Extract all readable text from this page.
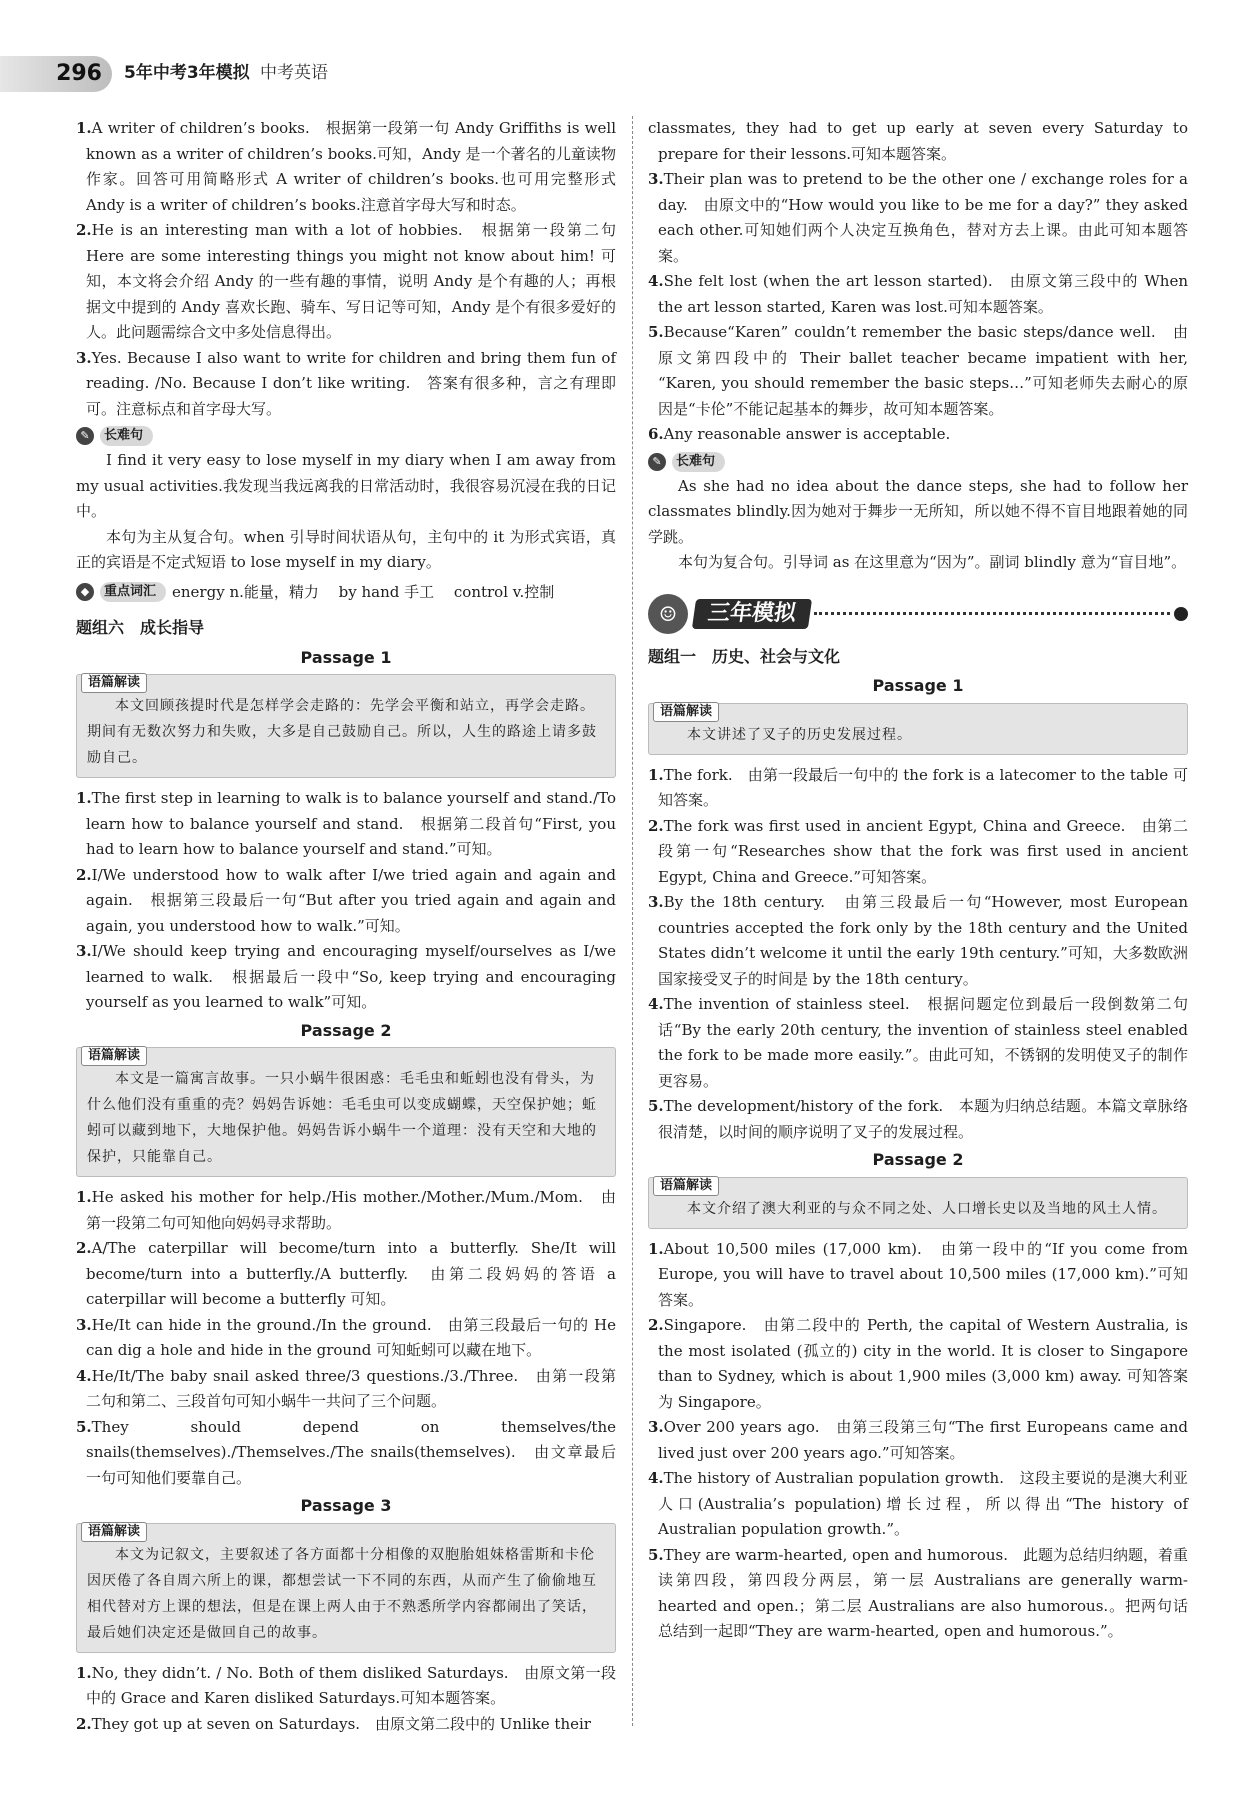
296	5年中考3年模拟 中考英语
1.A writer of children’s books.　根据第一段第一句 Andy Griffiths is well known as a writer of children’s books.可知，Andy 是一个著名的儿童读物作家。回答可用简略形式 A writer of children’s books.也可用完整形式 Andy is a writer of children’s books.注意首字母大写和时态。
2.He is an interesting man with a lot of hobbies.　根据第一段第二句 Here are some interesting things you might not know about him! 可知，本文将会介绍 Andy 的一些有趣的事情，说明 Andy 是个有趣的人；再根据文中提到的 Andy 喜欢长跑、骑车、写日记等可知，Andy 是个有很多爱好的人。此问题需综合文中多处信息得出。
3.Yes. Because I also want to write for children and bring them fun of reading. /No. Because I don’t like writing.　答案有很多种，言之有理即可。注意标点和首字母大写。
✎	长难句
I find it very easy to lose myself in my diary when I am away from my usual activities.我发现当我远离我的日常活动时，我很容易沉浸在我的日记中。
本句为主从复合句。when 引导时间状语从句，主句中的 it 为形式宾语，真正的宾语是不定式短语 to lose myself in my diary。
◆	重点词汇	energy n.能量，精力　 by hand 手工　 control v.控制
题组六　成长指导
Passage 1
语篇解读
本文回顾孩提时代是怎样学会走路的：先学会平衡和站立，再学会走路。期间有无数次努力和失败，大多是自己鼓励自己。所以，人生的路途上请多鼓励自己。
1.The first step in learning to walk is to balance yourself and stand./To learn how to balance yourself and stand.　根据第二段首句“First, you had to learn how to balance yourself and stand.”可知。
2.I/We understood how to walk after I/we tried again and again and again.　根据第三段最后一句“But after you tried again and again and again, you understood how to walk.”可知。
3.I/We should keep trying and encouraging myself/ourselves as I/we learned to walk.　根据最后一段中“So, keep trying and encouraging yourself as you learned to walk”可知。
Passage 2
语篇解读
本文是一篇寓言故事。一只小蜗牛很困惑：毛毛虫和蚯蚓也没有骨头，为什么他们没有重重的壳？妈妈告诉她：毛毛虫可以变成蝴蝶，天空保护她；蚯蚓可以藏到地下，大地保护他。妈妈告诉小蜗牛一个道理：没有天空和大地的保护，只能靠自己。
1.He asked his mother for help./His mother./Mother./Mum./Mom.　由第一段第二句可知他向妈妈寻求帮助。
2.A/The caterpillar will become/turn into a butterfly. She/It will become/turn into a butterfly./A butterfly.　由第二段妈妈的答语 a caterpillar will become a butterfly 可知。
3.He/It can hide in the ground./In the ground.　由第三段最后一句的 He can dig a hole and hide in the ground 可知蚯蚓可以藏在地下。
4.He/It/The baby snail asked three/3 questions./3./Three.　由第一段第二句和第二、三段首句可知小蜗牛一共问了三个问题。
5.They should depend on themselves/the snails(themselves)./Themselves./The snails(themselves).　由文章最后一句可知他们要靠自己。
Passage 3
语篇解读
本文为记叙文，主要叙述了各方面都十分相像的双胞胎姐妹格雷斯和卡伦因厌倦了各自周六所上的课，都想尝试一下不同的东西，从而产生了偷偷地互相代替对方上课的想法，但是在课上两人由于不熟悉所学内容都闹出了笑话，最后她们决定还是做回自己的故事。
1.No, they didn’t. / No. Both of them disliked Saturdays.　由原文第一段中的 Grace and Karen disliked Saturdays.可知本题答案。
2.They got up at seven on Saturdays.　由原文第二段中的 Unlike their
classmates, they had to get up early at seven every Saturday to prepare for their lessons.可知本题答案。
3.Their plan was to pretend to be the other one / exchange roles for a day.　由原文中的“How would you like to be me for a day?” they asked each other.可知她们两个人决定互换角色，替对方去上课。由此可知本题答案。
4.She felt lost (when the art lesson started).　由原文第三段中的 When the art lesson started, Karen was lost.可知本题答案。
5.Because“Karen” couldn’t remember the basic steps/dance well.　由原文第四段中的 Their ballet teacher became impatient with her, “Karen, you should remember the basic steps…”可知老师失去耐心的原因是“卡伦”不能记起基本的舞步，故可知本题答案。
6.Any reasonable answer is acceptable.
✎	长难句
As she had no idea about the dance steps, she had to follow her classmates blindly.因为她对于舞步一无所知，所以她不得不盲目地跟着她的同学跳。
本句为复合句。引导词 as 在这里意为“因为”。副词 blindly 意为“盲目地”。
☺	三年模拟
题组一　历史、社会与文化
Passage 1
语篇解读
本文讲述了叉子的历史发展过程。
1.The fork.　由第一段最后一句中的 the fork is a latecomer to the table 可知答案。
2.The fork was first used in ancient Egypt, China and Greece.　由第二段第一句“Researches show that the fork was first used in ancient Egypt, China and Greece.”可知答案。
3.By the 18th century.　由第三段最后一句“However, most European countries accepted the fork only by the 18th century and the United States didn’t welcome it until the early 19th century.”可知，大多数欧洲国家接受叉子的时间是 by the 18th century。
4.The invention of stainless steel.　根据问题定位到最后一段倒数第二句话“By the early 20th century, the invention of stainless steel enabled the fork to be made more easily.”。由此可知，不锈钢的发明使叉子的制作更容易。
5.The development/history of the fork.　本题为归纳总结题。本篇文章脉络很清楚，以时间的顺序说明了叉子的发展过程。
Passage 2
语篇解读
本文介绍了澳大利亚的与众不同之处、人口增长史以及当地的风土人情。
1.About 10,500 miles (17,000 km).　由第一段中的“If you come from Europe, you will have to travel about 10,500 miles (17,000 km).”可知答案。
2.Singapore.　由第二段中的 Perth, the capital of Western Australia, is the most isolated (孤立的) city in the world. It is closer to Singapore than to Sydney, which is about 1,900 miles (3,000 km) away. 可知答案为 Singapore。
3.Over 200 years ago.　由第三段第三句“The first Europeans came and lived just over 200 years ago.”可知答案。
4.The history of Australian population growth.　这段主要说的是澳大利亚人口(Australia’s population)增长过程，所以得出“The history of Australian population growth.”。
5.They are warm-hearted, open and humorous.　此题为总结归纳题，着重读第四段，第四段分两层，第一层 Australians are generally warm-hearted and open.；第二层 Australians are also humorous.。把两句话总结到一起即“They are warm-hearted, open and humorous.”。
